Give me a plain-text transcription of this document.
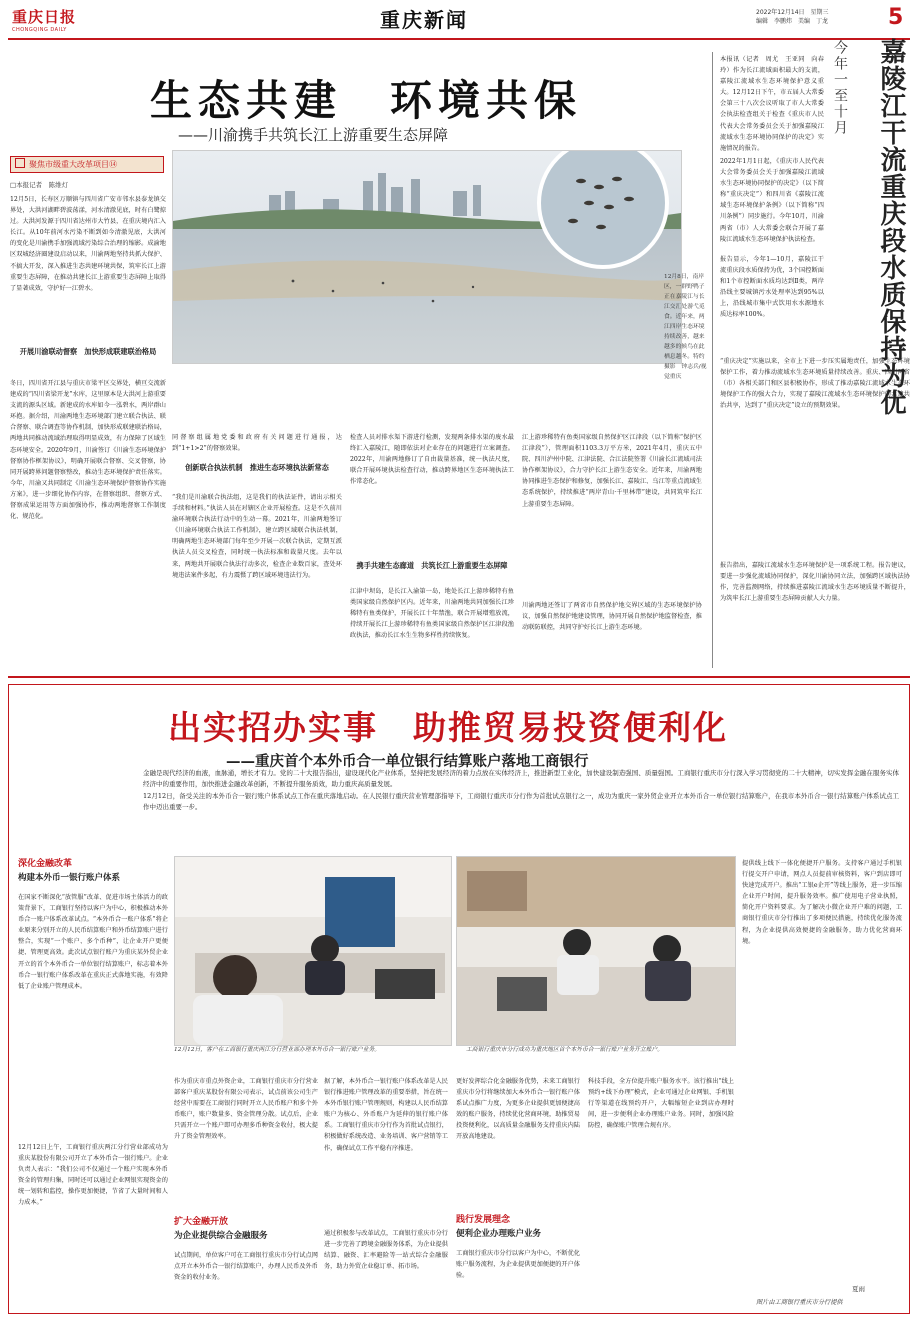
重庆日报
CHONGQING DAILY	重庆新闻	2022年12月14日　星期三
编辑　李鹏炜　美编　丁龙	5
生态共建　环境共保
——川渝携手共筑长江上游重要生态屏障
聚焦市级重大改革项目⑭
□本报记者　陈维灯
12月8日，南岸区，一群野鸭子正在嘉陵江与长江交汇处游弋觅食。近年来，两江四岸生态环境持续改善，越来越多的候鸟在此栖息越冬。特约摄影　钟志兵/视觉重庆
12月5日，长寿区万顺镇与四川省广安市邻水县泰龙镇交界处，大洪河湖畔碧波荡漾，河水清澈见底，时有白鹭掠过。大洪河发源于四川省达州市大竹县，在重庆境内汇入长江。从10年前河水污染不断到如今清澈见底，大洪河的变化是川渝携手加强流域污染综合治理的缩影。成渝地区双城经济圈建设启动以来，川渝两地坚持共抓大保护、不搞大开发，深入推进生态共建环境共保，筑牢长江上游重要生态屏障，在推动共建长江上游重要生态屏障上取得了显著成效，守护好一江碧水。
开展川渝联动督察　加快形成联建联治格局
冬日，四川省开江县与重庆市梁平区交界处，横亘交流新建成的“四川省梁开龙”水库，这里原本是大洪河上游重要支流的源头区域。新建成的水库如今一泓碧水，两岸群山环抱。据介绍，川渝两地生态环境部门建立联合执法、联合督察、联合调查等协作机制，加快形成联建联治格局，两地共同推动流域治理取得明显成效，有力保障了区域生态环境安全。2020年9月，川渝签订《川渝生态环境保护督察协作框架协议》，明确开展联合督察、交叉督察，协同开展跨界问题督察整改，推动生态环境保护责任落实。今年，川渝又共同制定《川渝生态环境保护督察协作实施方案》，进一步细化协作内容，在督察组织、督察方式、督察成果运用等方面加强协作，推动两地督察工作制度化、规范化。
同督察组属地党委和政府有关问题进行通报，达到“1+1>2”的督察效果。
创新联合执法机制　推进生态环境执法新常态
“我们是川渝联合执法组，这是我们的执法证件，请出示相关手续和材料。”执法人员在对辖区企业开展检查。这是不久前川渝环境联合执法行动中的生动一幕。2021年，川渝两地签订《川渝环境联合执法工作机制》，建立跨区域联合执法机制，明确两地生态环境部门每年至少开展一次联合执法，定期互派执法人员交叉检查，同时统一执法标准和裁量尺度。去年以来，两地共开展联合执法行动多次，检查企业数百家，查处环境违法案件多起，有力震慑了跨区域环境违法行为。
检查人员对排水渠下游进行检测，发现两条排水渠的废水最终汇入嘉陵江，随即依法对企业存在的问题进行立案调查。2022年，川渝两地修订了自由裁量基准，统一执法尺度，联合开展环境执法检查行动，推动跨界地区生态环境执法工作常态化。
携手共建生态廊道　共筑长江上游重要生态屏障
江津中坝岛，是长江入渝第一岛，地处长江上游珍稀特有鱼类国家级自然保护区内。近年来，川渝两地共同加强长江珍稀特有鱼类保护，开展长江十年禁渔，联合开展增殖放流，持续开展长江上游珍稀特有鱼类国家级自然保护区江津段渔政执法，推动长江水生生物多样性持续恢复。
江上游珍稀特有鱼类国家级自然保护区江津段（以下简称“保护区江津段”），管理面积1103.3万平方米，2021年4月，重庆五中院、四川泸州中院、江津法院、合江法院签署《川渝长江流域司法协作框架协议》，合力守护长江上游生态安全。近年来，川渝两地协同推进生态保护和修复，加强长江、嘉陵江、乌江等重点流域生态系统保护，持续推进“两岸青山·千里林带”建设，共同筑牢长江上游重要生态屏障。
川渝两地还签订了两省市自然保护地交界区域的生态环境保护协议，加强自然保护地建设管理，协同开展自然保护地监督检查，推动联防联控，共同守护好长江上游生态环境。
今年一至十月	嘉陵江干流重庆段水质保持为优
本报讯（记者　周尤　王亚同　向春玲）作为长江流域面积最大的支流，嘉陵江流域水生态环境保护意义重大。12月12日下午，市五届人大常委会第三十八次会议听取了市人大常委会执法检查组关于检查《重庆市人民代表大会常务委员会关于加强嘉陵江流域水生态环境协同保护的决定》实施情况的报告。
2022年1月1日起，《重庆市人民代表大会常务委员会关于加强嘉陵江流域水生态环境协同保护的决定》（以下简称“重庆决定”）和四川省《嘉陵江流域生态环境保护条例》（以下简称“四川条例”）同步施行。今年10月，川渝两省（市）人大常委会联合开展了嘉陵江流域水生态环境保护执法检查。
报告显示，今年1—10月，嘉陵江干流重庆段水质保持为优，3个国控断面和1个市控断面水质均达到Ⅱ类，两岸沿线主要城镇污水处理率达到95%以上，沿线城市集中式饮用水水源地水质达标率100%。
“重庆决定”实施以来，全市上下进一步压实属地责任，加强生态环境保护工作，着力推动流域水生态环境质量持续改善。重庆、四川两省（市）各相关部门和区县积极协作，形成了推动嘉陵江流域水生态环境保护工作的强大合力，实现了嘉陵江流域水生态环境保护的共建共治共享，达到了“重庆决定”设立的预期效果。
报告指出，嘉陵江流域水生态环境保护是一项系统工程。报告建议，要进一步强化流域协同保护，深化川渝协同立法，加强跨区域执法协作，完善监测网络，持续推进嘉陵江流域水生态环境质量不断提升，为筑牢长江上游重要生态屏障贡献人大力量。
出实招办实事　助推贸易投资便利化
——重庆首个本外币合一单位银行结算账户落地工商银行
金融是现代经济的血液，血脉通，增长才有力。党的二十大报告指出，建设现代化产业体系，坚持把发展经济的着力点放在实体经济上，推进新型工业化，加快建设制造强国、质量强国。工商银行重庆市分行深入学习贯彻党的二十大精神，切实发挥金融在服务实体经济中的重要作用，加快推进金融改革创新，不断提升服务质效，助力重庆高质量发展。
12月12日，备受关注的本外币合一银行账户体系试点工作在重庆落地启动。在人民银行重庆营业管理部指导下，工商银行重庆市分行作为首批试点银行之一，成功为重庆一家外贸企业开立本外币合一单位银行结算账户，在我市本外币合一银行结算账户体系试点工作中迈出重要一步。
深化金融改革
构建本外币一银行账户体系
在国家不断深化“放管服”改革、促进市场主体活力的政策背景下，工商银行坚持以客户为中心，积极推动本外币合一账户体系改革试点。“本外币合一账户体系”将企业原来分别开立的人民币结算账户和外币结算账户进行整合，实现“一个账户、多个币种”，让企业开户更便捷、管理更高效。此次试点银行账户为重庆某外贸企业开立的首个本外币合一单位银行结算账户，标志着本外币合一银行账户体系改革在重庆正式落地实施，有效降低了企业账户管理成本。
12月12日上午，工商银行重庆两江分行营业部成功为重庆某股份有限公司开立了本外币合一银行账户。企业负责人表示：“我们公司不仅通过一个账户实现本外币资金的管理归集，同时还可以通过企业网银实现资金的统一划转和监控，操作更加便捷，节省了大量时间和人力成本。”
12月12日，客户在工商银行重庆两江分行营业部办理本外币合一银行账户业务。	工商银行重庆市分行成功为重庆地区首个本外币合一银行账户业务开立账户。
作为重庆市重点外资企业，工商银行重庆市分行营业部客户重庆某股份有限公司表示，试点前该公司生产经营中需要在工商银行同时开立人民币账户和多个外币账户，账户数量多、资金管理分散。试点后，企业只需开立一个账户即可办理多币种资金收付，极大提升了资金管理效率。
扩大金融开放
为企业提供综合金融服务
试点期间，单位客户可在工商银行重庆市分行试点网点开立本外币合一银行结算账户，办理人民币及外币资金的收付业务。
据了解，本外币合一银行账户体系改革是人民银行推进账户管理改革的重要举措，旨在统一本外币银行账户管理规则，构建以人民币结算账户为核心、外币账户为延伸的银行账户体系。工商银行重庆市分行作为首批试点银行，积极做好系统改造、业务培训、客户营销等工作，确保试点工作平稳有序推进。
通过积极参与改革试点，工商银行重庆市分行进一步完善了跨境金融服务体系，为企业提供结算、融资、汇率避险等一站式综合金融服务，助力外贸企业稳订单、拓市场。
更好发挥综合化金融服务优势，未来工商银行重庆市分行将继续加大本外币合一银行账户体系试点推广力度，为更多企业提供更加便捷高效的账户服务，持续优化营商环境，助推贸易投资便利化，以高质量金融服务支持重庆内陆开放高地建设。
践行发展理念
便利企业办理账户业务
工商银行重庆市分行以客户为中心，不断优化账户服务流程，为企业提供更加便捷的开户体验。
科技手段，全方位提升账户服务水平。该行推出“线上预约+线下办理”模式，企业可通过企业网银、手机银行等渠道在线预约开户，大幅缩短企业到店办理时间，进一步便利企业办理账户业务。同时，加强风险防控，确保账户管理合规有序。
提供线上线下一体化便捷开户服务。支持客户通过手机银行提交开户申请，网点人员提前审核资料，客户到店即可快速完成开户。推出“工银e企开”等线上服务，进一步压缩企业开户时间，提升服务效率。推广使用电子营业执照，简化开户资料要求。为了解决小微企业开户难的问题，工商银行重庆市分行推出了多项便民措施，持续优化服务流程，为企业提供高效便捷的金融服务，助力优化营商环境。
夏雨
图片由工商银行重庆市分行提供
